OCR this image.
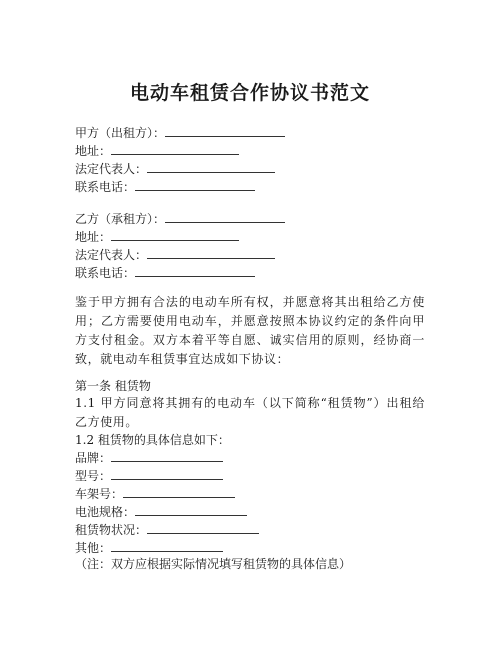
电动车租赁合作协议书范文
甲方（出租方）：
地址：
法定代表人：
联系电话：
乙方（承租方）：
地址：
法定代表人：
联系电话：
鉴于甲方拥有合法的电动车所有权，并愿意将其出租给乙方使用；乙方需要使用电动车，并愿意按照本协议约定的条件向甲方支付租金。双方本着平等自愿、诚实信用的原则，经协商一致，就电动车租赁事宜达成如下协议：
第一条 租赁物
1.1 甲方同意将其拥有的电动车（以下简称“租赁物”）出租给乙方使用。
1.2 租赁物的具体信息如下：
品牌：
型号：
车架号：
电池规格：
租赁物状况：
其他：
（注：双方应根据实际情况填写租赁物的具体信息）
